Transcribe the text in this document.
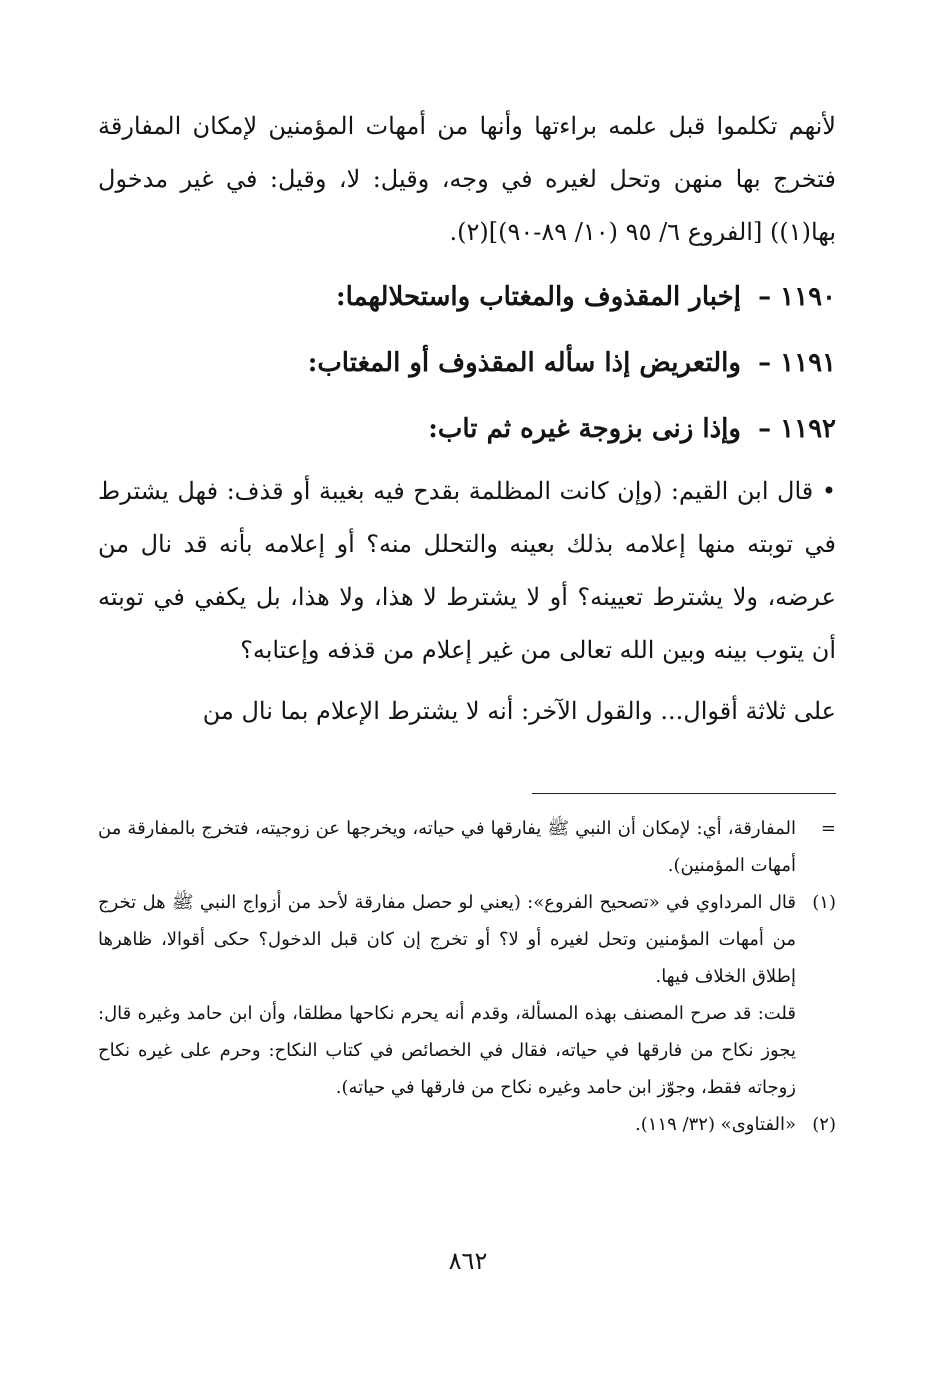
لأنهم تكلموا قبل علمه براءتها وأنها من أمهات المؤمنين لإمكان المفارقة فتخرج بها منهن وتحل لغيره في وجه، وقيل: لا، وقيل: في غير مدخول بها(١)) [الفروع ٦/ ٩٥ (١٠/ ٨٩-٩٠)](٢).

١١٩٠ – إخبار المقذوف والمغتاب واستحلالهما:

١١٩١ – والتعريض إذا سأله المقذوف أو المغتاب:

١١٩٢ – وإذا زنى بزوجة غيره ثم تاب:

• قال ابن القيم: (وإن كانت المظلمة بقدح فيه بغيبة أو قذف: فهل يشترط في توبته منها إعلامه بذلك بعينه والتحلل منه؟ أو إعلامه بأنه قد نال من عرضه، ولا يشترط تعيينه؟ أو لا يشترط لا هذا، ولا هذا، بل يكفي في توبته أن يتوب بينه وبين الله تعالى من غير إعلام من قذفه وإعتابه؟

على ثلاثة أقوال... والقول الآخر: أنه لا يشترط الإعلام بما نال من

=
المفارقة، أي: لإمكان أن النبي ﷺ يفارقها في حياته، ويخرجها عن زوجيته، فتخرج بالمفارقة من أمهات المؤمنين).

(١)
قال المرداوي في «تصحيح الفروع»: (يعني لو حصل مفارقة لأحد من أزواج النبي ﷺ هل تخرج من أمهات المؤمنين وتحل لغيره أو لا؟ أو تخرج إن كان قبل الدخول؟ حكى أقوالا، ظاهرها إطلاق الخلاف فيها.

قلت: قد صرح المصنف بهذه المسألة، وقدم أنه يحرم نكاحها مطلقا، وأن ابن حامد وغيره قال: يجوز نكاح من فارقها في حياته، فقال في الخصائص في كتاب النكاح: وحرم على غيره نكاح زوجاته فقط، وجوّز ابن حامد وغيره نكاح من فارقها في حياته).

(٢)
«الفتاوى» (٣٢/ ١١٩).

٨٦٢
